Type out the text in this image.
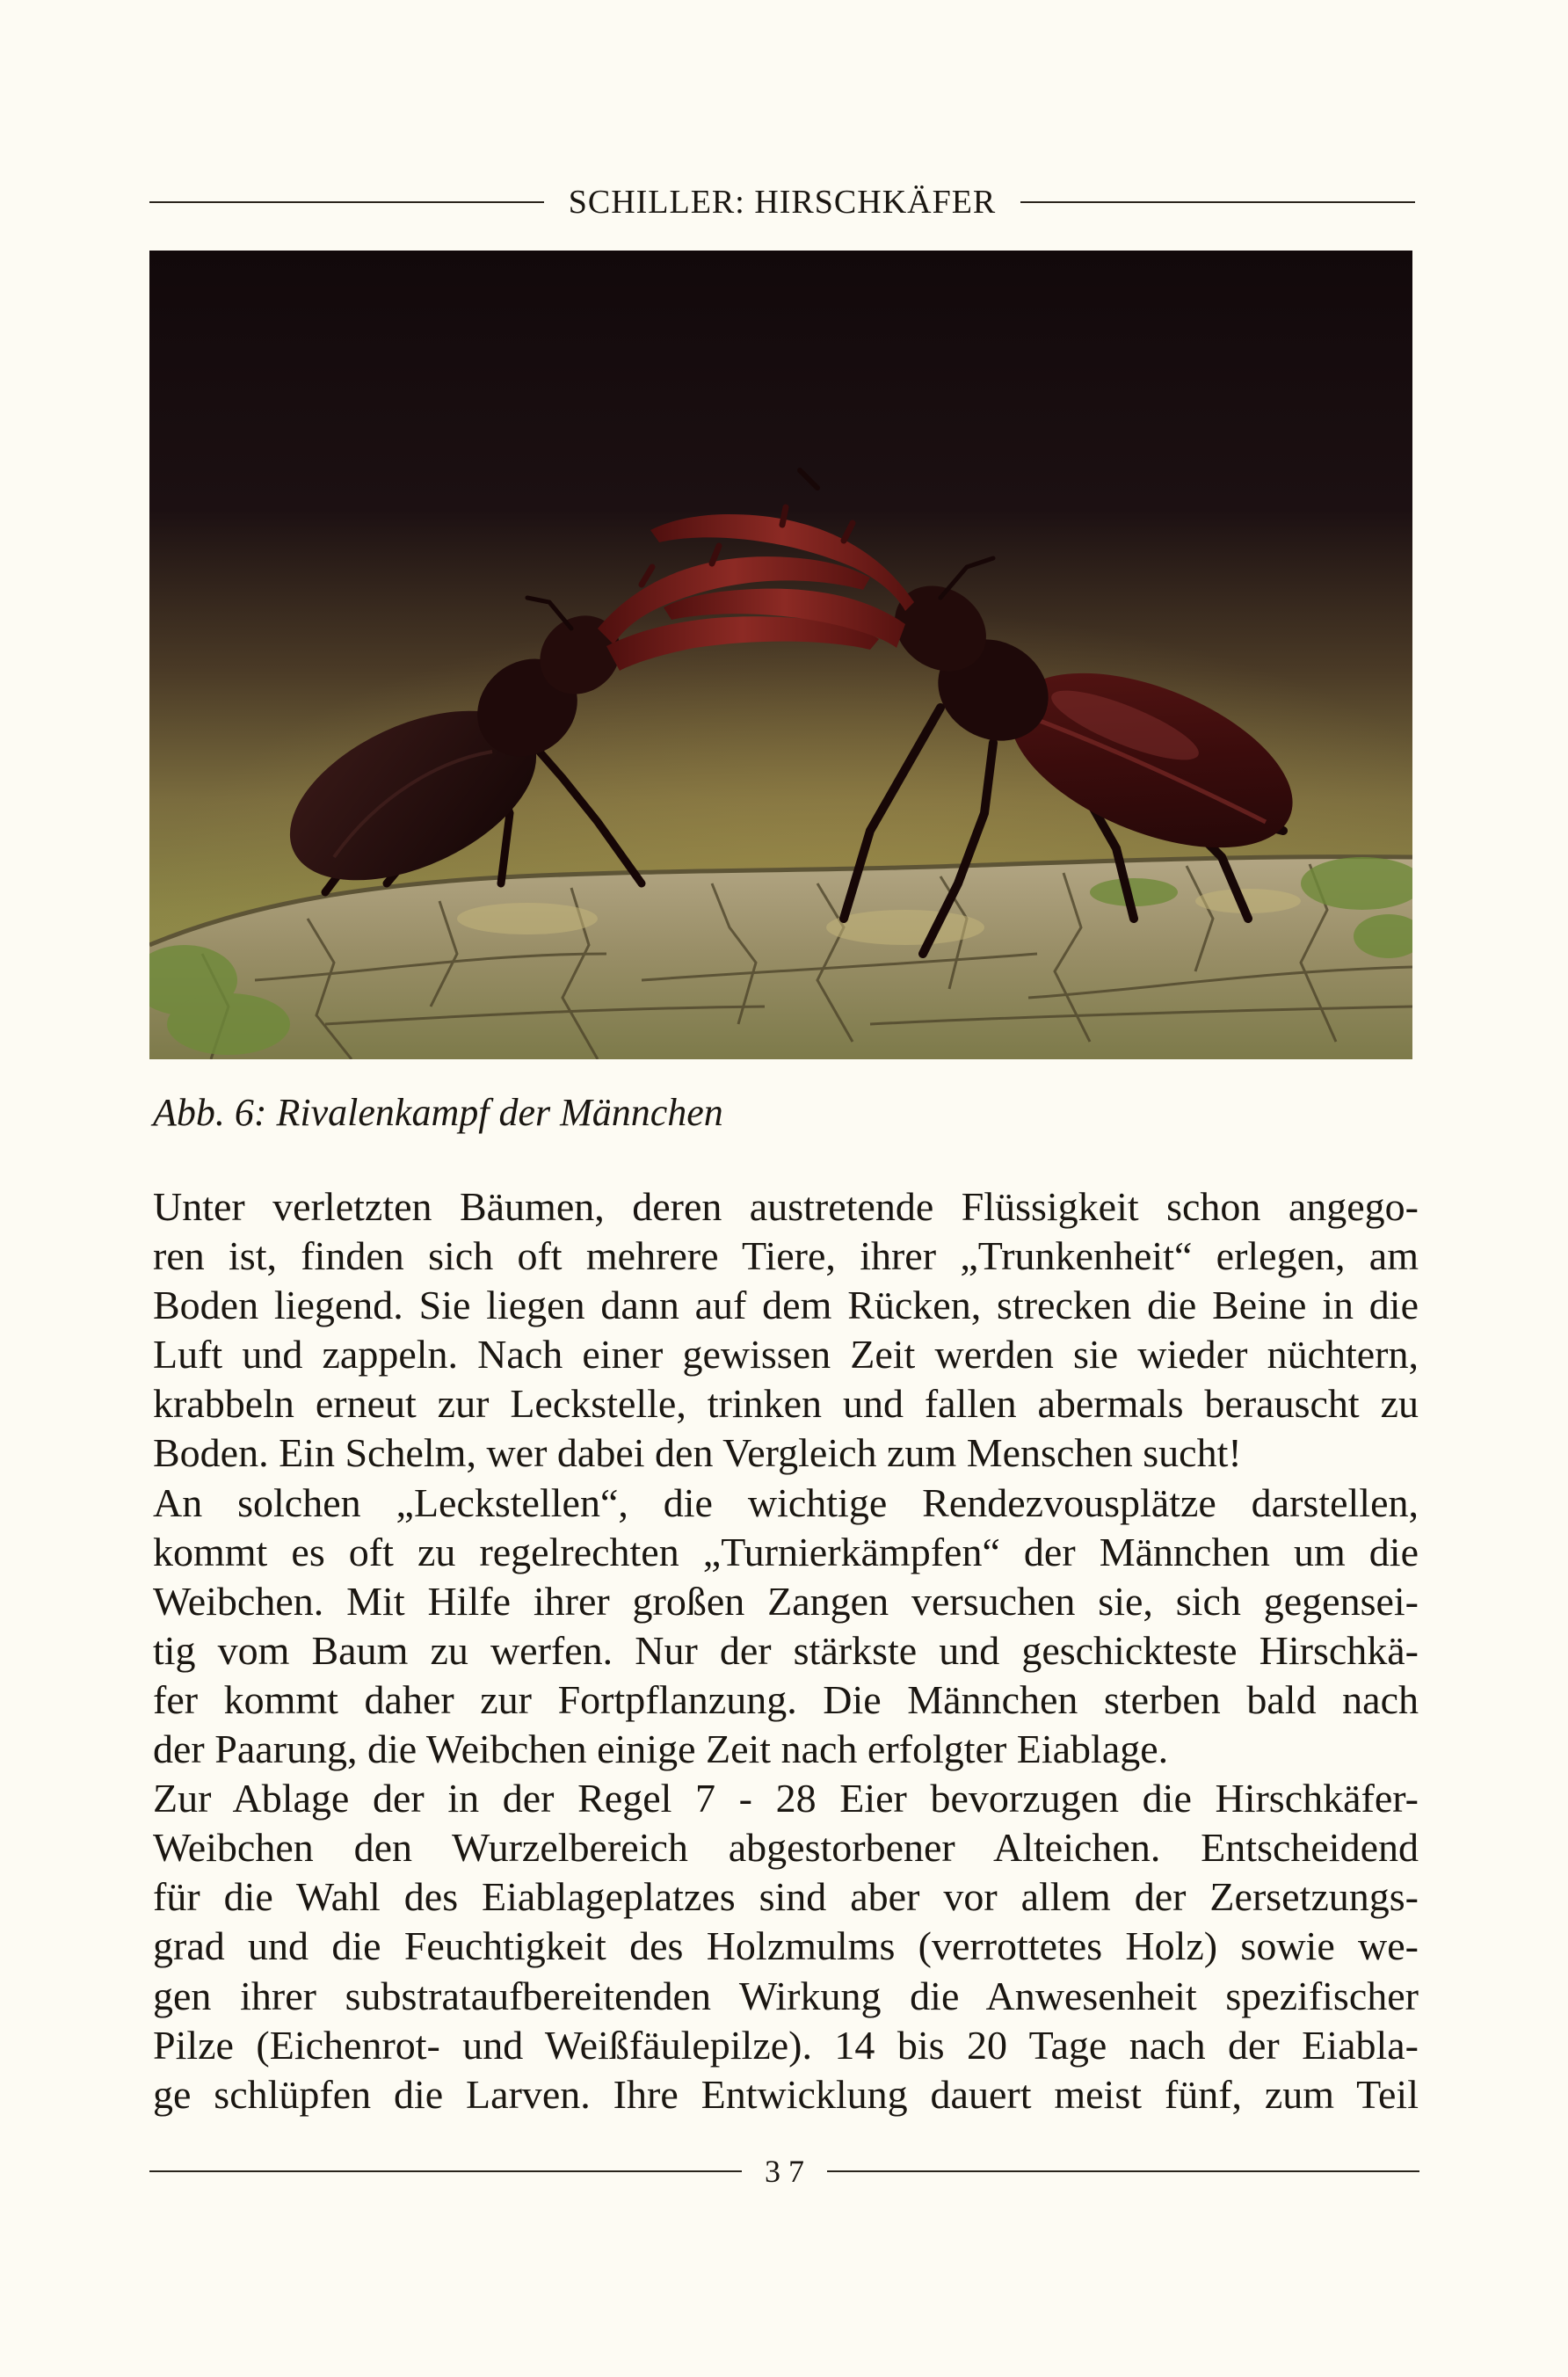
SCHILLER: HIRSCHKÄFER
Abb. 6: Rivalenkampf der Männchen
Unter verletzten Bäumen, deren austretende Flüssigkeit schon angego-
ren ist, finden sich oft mehrere Tiere, ihrer „Trunkenheit“ erlegen, am
Boden liegend. Sie liegen dann auf dem Rücken, strecken die Beine in die
Luft und zappeln. Nach einer gewissen Zeit werden sie wieder nüchtern,
krabbeln erneut zur Leckstelle, trinken und fallen abermals berauscht zu
Boden. Ein Schelm, wer dabei den Vergleich zum Menschen sucht!
An solchen „Leckstellen“, die wichtige Rendezvousplätze darstellen,
kommt es oft zu regelrechten „Turnierkämpfen“ der Männchen um die
Weibchen. Mit Hilfe ihrer großen Zangen versuchen sie, sich gegensei-
tig vom Baum zu werfen. Nur der stärkste und geschickteste Hirschkä-
fer kommt daher zur Fortpflanzung. Die Männchen sterben bald nach
der Paarung, die Weibchen einige Zeit nach erfolgter Eiablage.
Zur Ablage der in der Regel 7 - 28 Eier bevorzugen die Hirschkäfer-
Weibchen den Wurzelbereich abgestorbener Alteichen. Entscheidend
für die Wahl des Eiablageplatzes sind aber vor allem der Zersetzungs-
grad und die Feuchtigkeit des Holzmulms (verrottetes Holz) sowie we-
gen ihrer substrataufbereitenden Wirkung die Anwesenheit spezifischer
Pilze (Eichenrot- und Weißfäulepilze). 14 bis 20 Tage nach der Eiabla-
ge schlüpfen die Larven. Ihre Entwicklung dauert meist fünf, zum Teil
3 7
